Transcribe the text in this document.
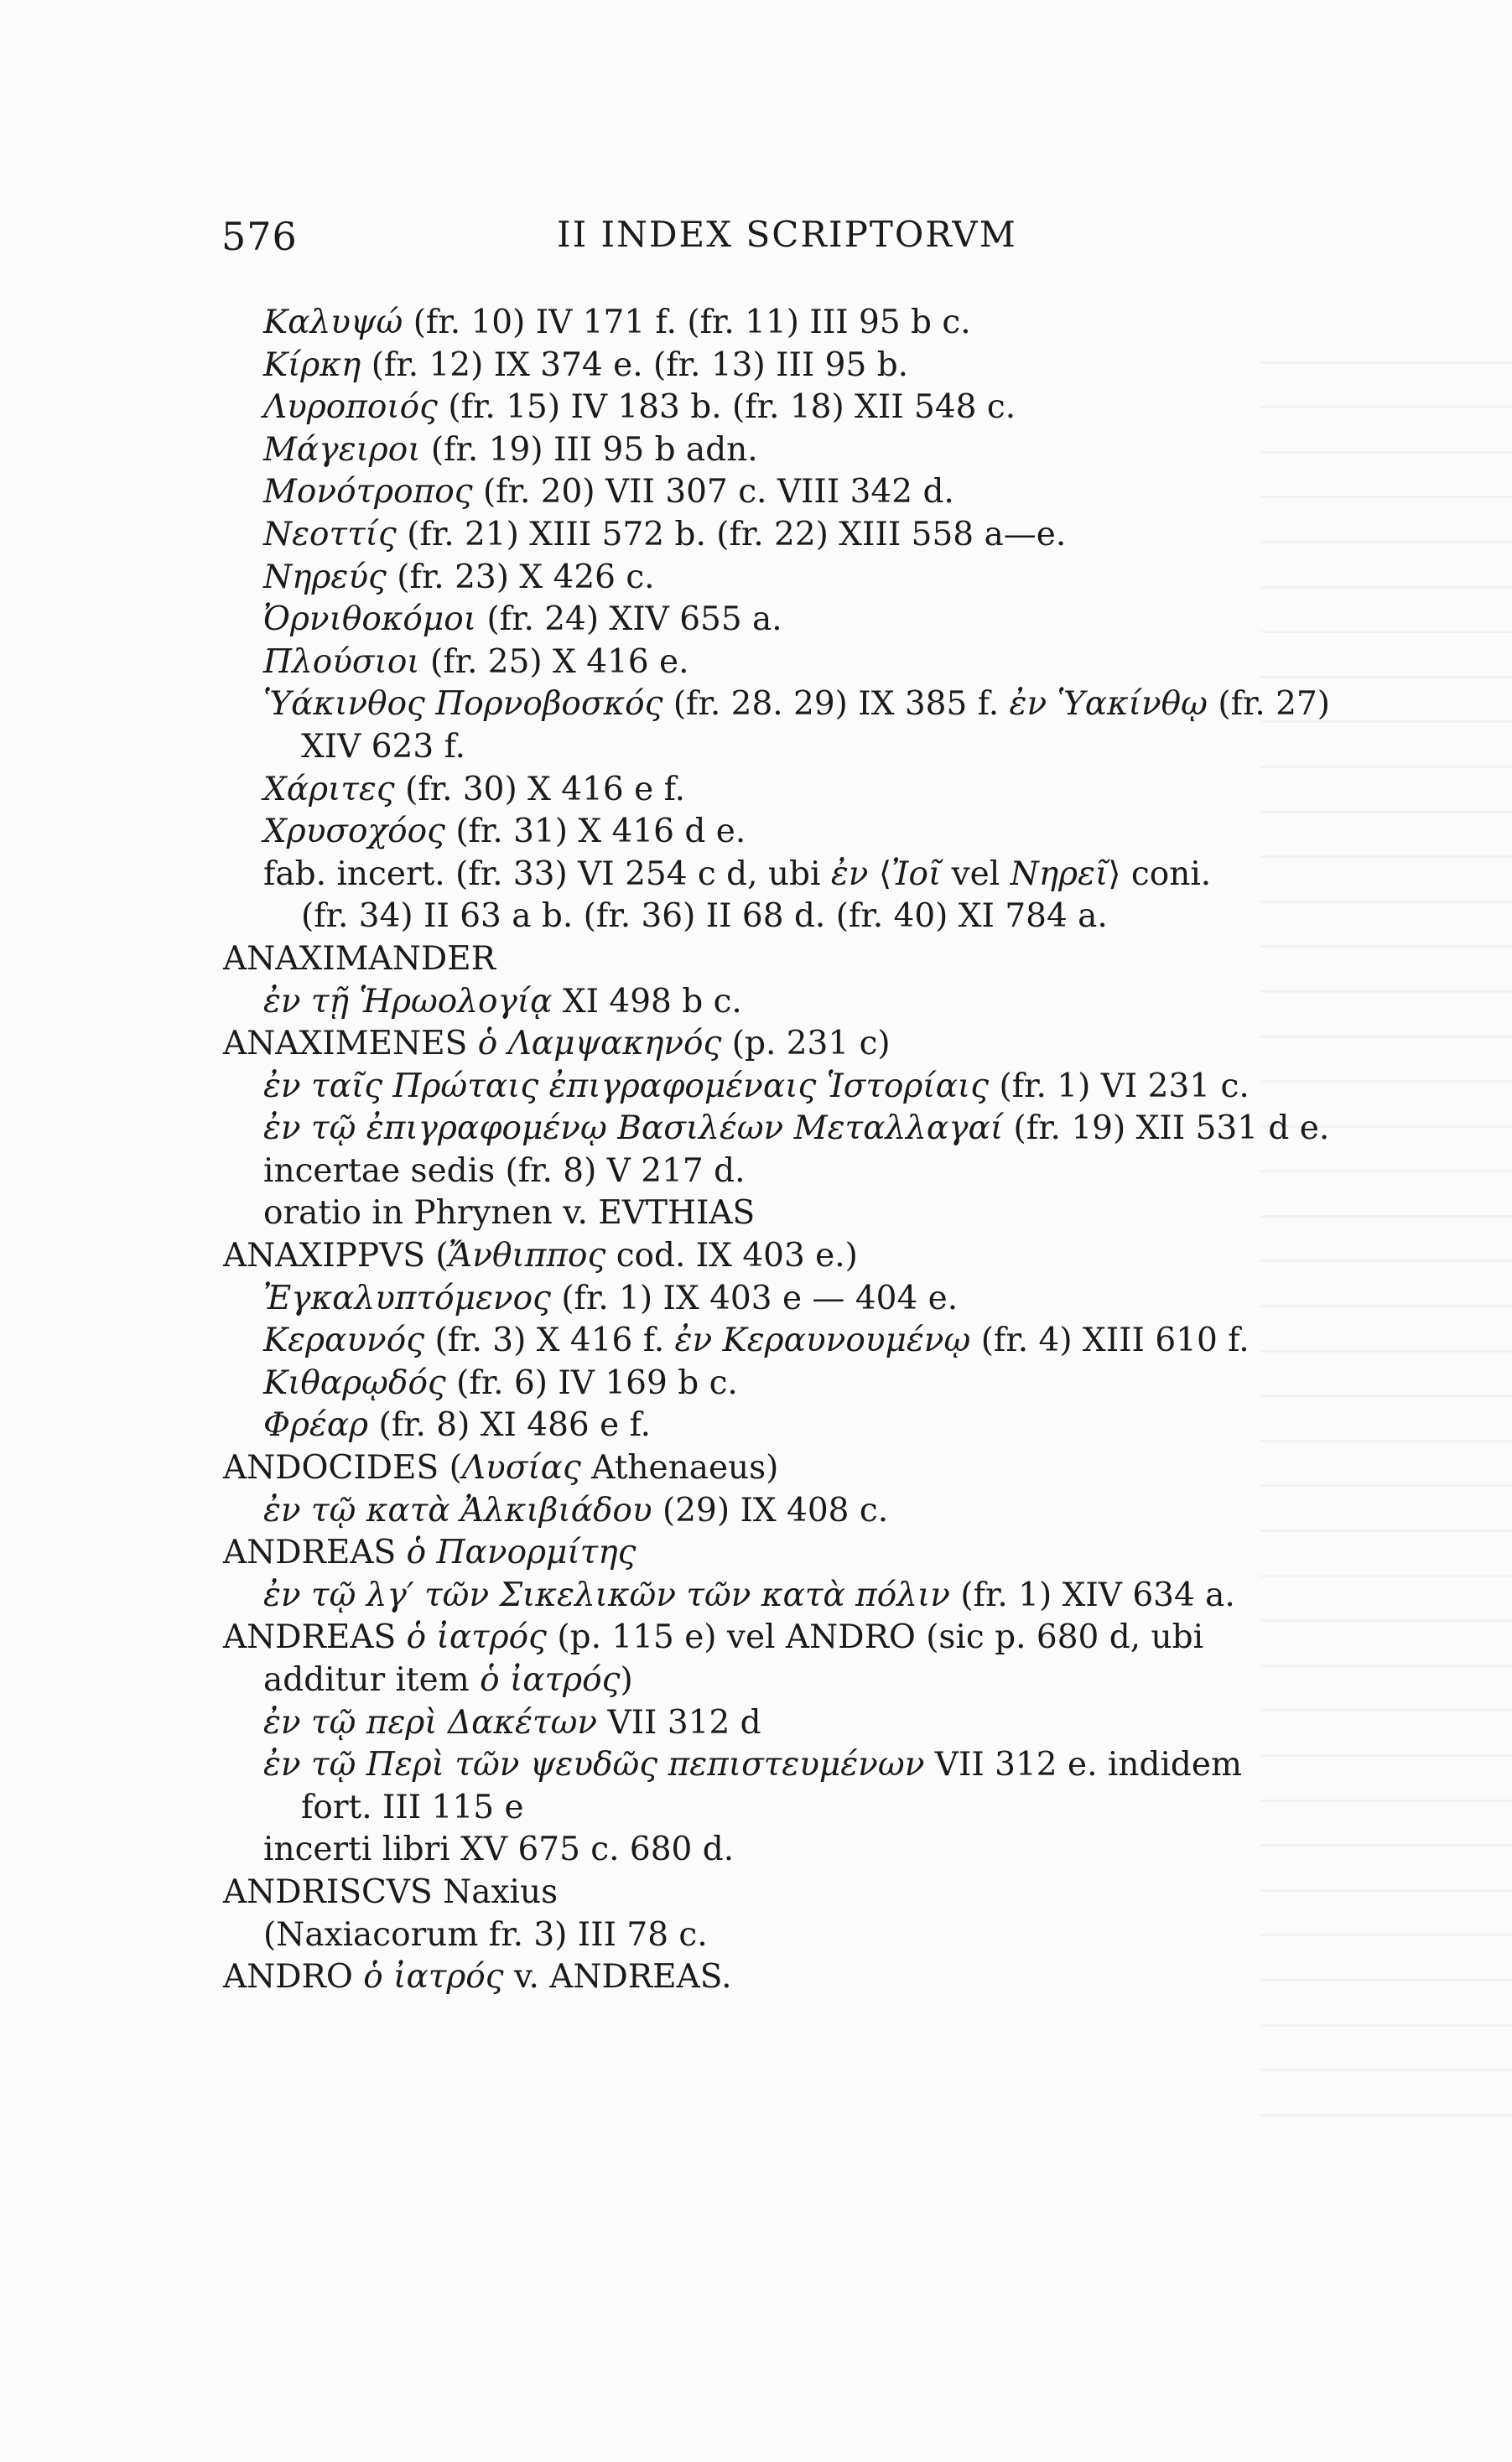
576	II INDEX SCRIPTORVM
Καλυψώ (fr. 10) IV 171 f. (fr. 11) III 95 b c.
Κίρκη (fr. 12) IX 374 e. (fr. 13) III 95 b.
Λυροποιός (fr. 15) IV 183 b. (fr. 18) XII 548 c.
Μάγειροι (fr. 19) III 95 b adn.
Μονότροπος (fr. 20) VII 307 c. VIII 342 d.
Νεοττίς (fr. 21) XIII 572 b. (fr. 22) XIII 558 a—e.
Νηρεύς (fr. 23) X 426 c.
Ὀρνιθοκόμοι (fr. 24) XIV 655 a.
Πλούσιοι (fr. 25) X 416 e.
Ὑάκινθος Πορνοβοσκός (fr. 28. 29) IX 385 f. ἐν Ὑακίνθῳ (fr. 27)
XIV 623 f.
Χάριτες (fr. 30) X 416 e f.
Χρυσοχόος (fr. 31) X 416 d e.
fab. incert. (fr. 33) VI 254 c d, ubi ἐν ⟨Ἰοῖ vel Νηρεῖ⟩ coni.
(fr. 34) II 63 a b. (fr. 36) II 68 d. (fr. 40) XI 784 a.
ANAXIMANDER
ἐν τῇ Ἡρωολογίᾳ XI 498 b c.
ANAXIMENES ὁ Λαμψακηνός (p. 231 c)
ἐν ταῖς Πρώταις ἐπιγραφομέναις Ἱστορίαις (fr. 1) VI 231 c.
ἐν τῷ ἐπιγραφομένῳ Βασιλέων Μεταλλαγαί (fr. 19) XII 531 d e.
incertae sedis (fr. 8) V 217 d.
oratio in Phrynen v. EVTHIAS
ANAXIPPVS (Ἄνθιππος cod. IX 403 e.)
Ἐγκαλυπτόμενος (fr. 1) IX 403 e — 404 e.
Κεραυνός (fr. 3) X 416 f. ἐν Κεραυνουμένῳ (fr. 4) XIII 610 f.
Κιθαρῳδός (fr. 6) IV 169 b c.
Φρέαρ (fr. 8) XI 486 e f.
ANDOCIDES (Λυσίας Athenaeus)
ἐν τῷ κατὰ Ἀλκιβιάδου (29) IX 408 c.
ANDREAS ὁ Πανορμίτης
ἐν τῷ λγ′ τῶν Σικελικῶν τῶν κατὰ πόλιν (fr. 1) XIV 634 a.
ANDREAS ὁ ἰατρός (p. 115 e) vel ANDRO (sic p. 680 d, ubi
additur item ὁ ἰατρός)
ἐν τῷ περὶ Δακέτων VII 312 d
ἐν τῷ Περὶ τῶν ψευδῶς πεπιστευμένων VII 312 e. indidem
fort. III 115 e
incerti libri XV 675 c. 680 d.
ANDRISCVS Naxius
(Naxiacorum fr. 3) III 78 c.
ANDRO ὁ ἰατρός v. ANDREAS.
